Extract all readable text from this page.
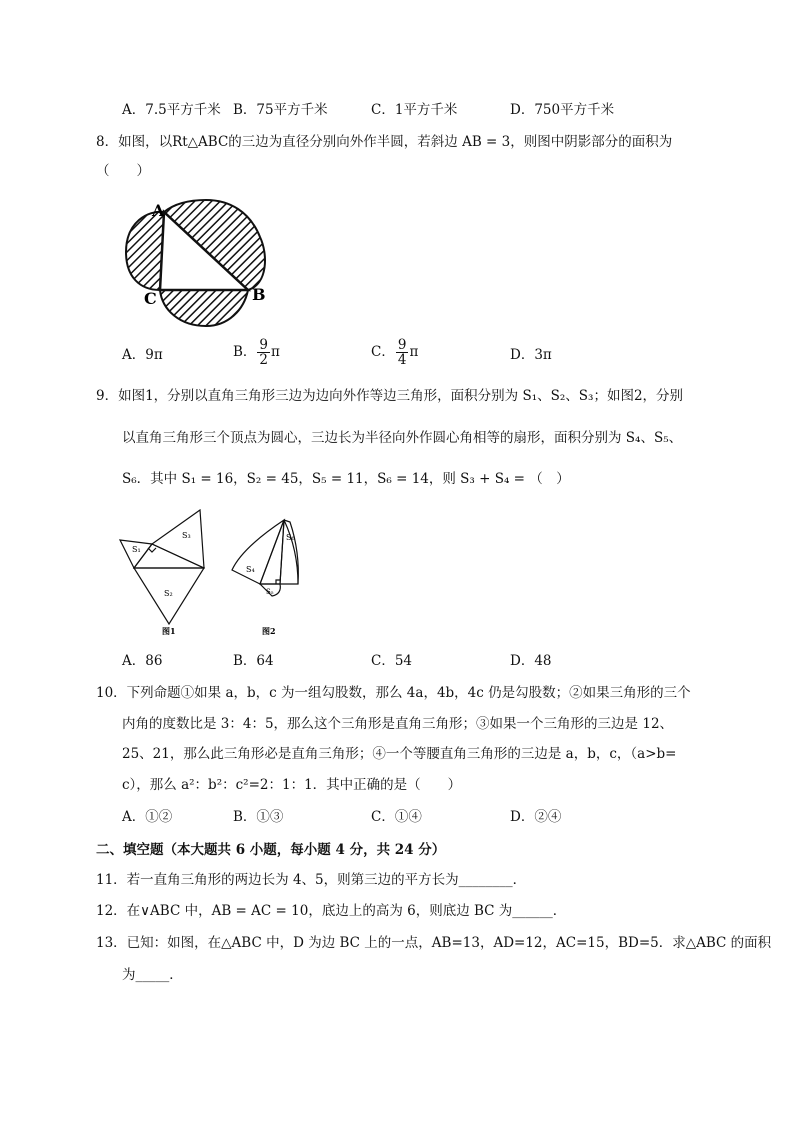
A．7.5平方千米 B．75平方千米	C．1平方千米	D．750平方千米
8．如图，以Rt△ABC的三边为直径分别向外作半圆，若斜边 AB = 3，则图中阴影部分的面积为
（　　）
A
C	B
A．9π	B． $\frac{9}{2}$ π	C． $\frac{9}{4}$ π	D．3π
9．如图1，分别以直角三角形三边为边向外作等边三角形，面积分别为 S₁、S₂、S₃；如图2，分别
以直角三角形三个顶点为圆心，三边长为半径向外作圆心角相等的扇形，面积分别为 S₄、S₅、
S₆．其中 S₁ = 16，S₂ = 45，S₅ = 11，S₆ = 14，则 S₃ + S₄ = （　）
S₁
S₂
S₃
图1
S₆
S₄
S₅
图2
A．86	B．64	C．54	D．48
10．下列命题①如果 a，b，c 为一组勾股数，那么 4a，4b，4c 仍是勾股数；②如果三角形的三个
内角的度数比是 3：4：5，那么这个三角形是直角三角形；③如果一个三角形的三边是 12、
25、21，那么此三角形必是直角三角形；④一个等腰直角三角形的三边是 a，b，c，（a>b=
c），那么 a²：b²：c²=2：1：1．其中正确的是（　　）
A．①②	B．①③	C．①④	D．②④
二、填空题（本大题共 6 小题，每小题 4 分，共 24 分）
11．若一直角三角形的两边长为 4、5，则第三边的平方长为________．
12．在∨ABC 中，AB = AC = 10，底边上的高为 6，则底边 BC 为______．
13．已知：如图，在△ABC 中，D 为边 BC 上的一点，AB=13，AD=12，AC=15，BD=5．求△ABC 的面积
为_____．
